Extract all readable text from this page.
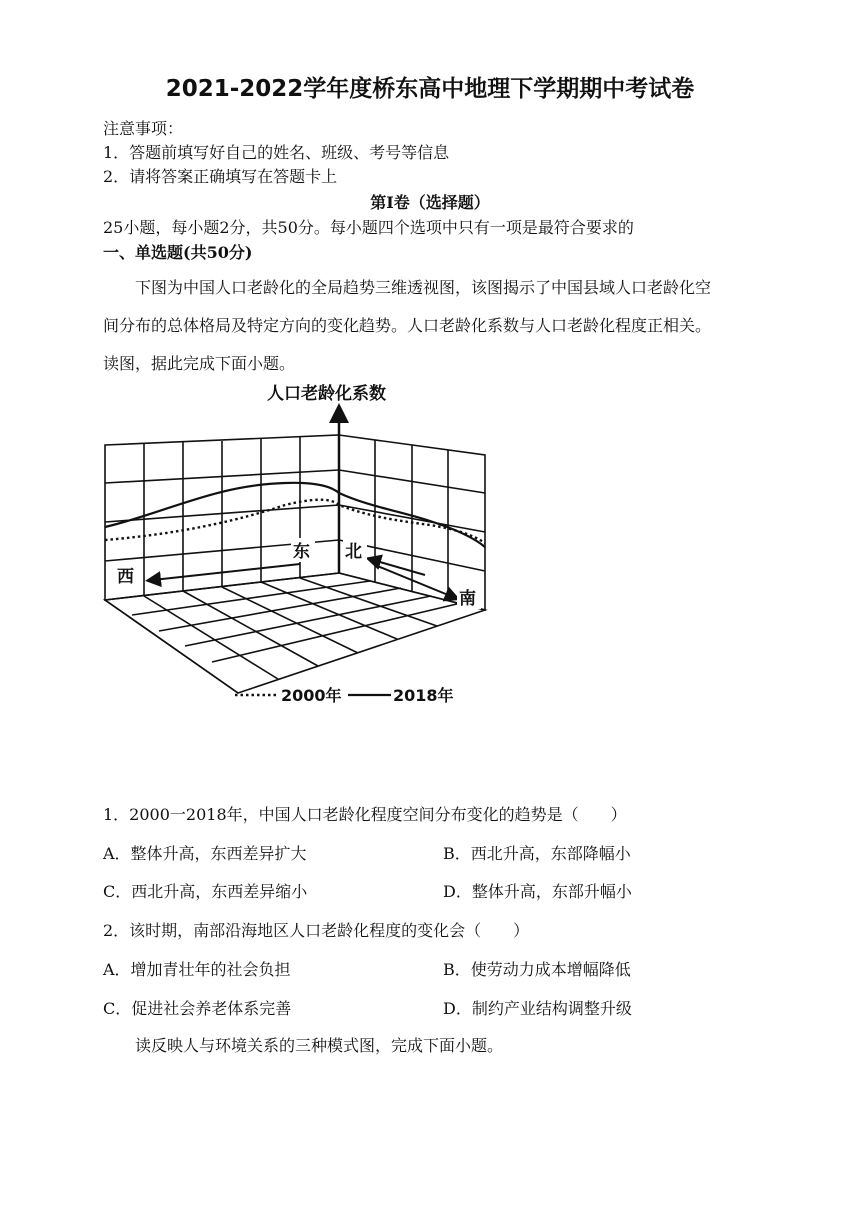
2021-2022学年度桥东高中地理下学期期中考试卷
注意事项：
1．答题前填写好自己的姓名、班级、考号等信息
2．请将答案正确填写在答题卡上
第I卷（选择题）
25小题，每小题2分，共50分。每小题四个选项中只有一项是最符合要求的
一、单选题(共50分)
下图为中国人口老龄化的全局趋势三维透视图，该图揭示了中国县域人口老龄化空
间分布的总体格局及特定方向的变化趋势。人口老龄化系数与人口老龄化程度正相关。
读图，据此完成下面小题。
人口老龄化系数
西
东 北
南
2000年	2018年
1．2000一2018年，中国人口老龄化程度空间分布变化的趋势是（　　）
A．整体升高，东西差异扩大	B．西北升高，东部降幅小
C．西北升高，东西差异缩小	D．整体升高，东部升幅小
2．该时期，南部沿海地区人口老龄化程度的变化会（　　）
A．增加青壮年的社会负担	B．使劳动力成本增幅降低
C．促进社会养老体系完善	D．制约产业结构调整升级
读反映人与环境关系的三种模式图，完成下面小题。
